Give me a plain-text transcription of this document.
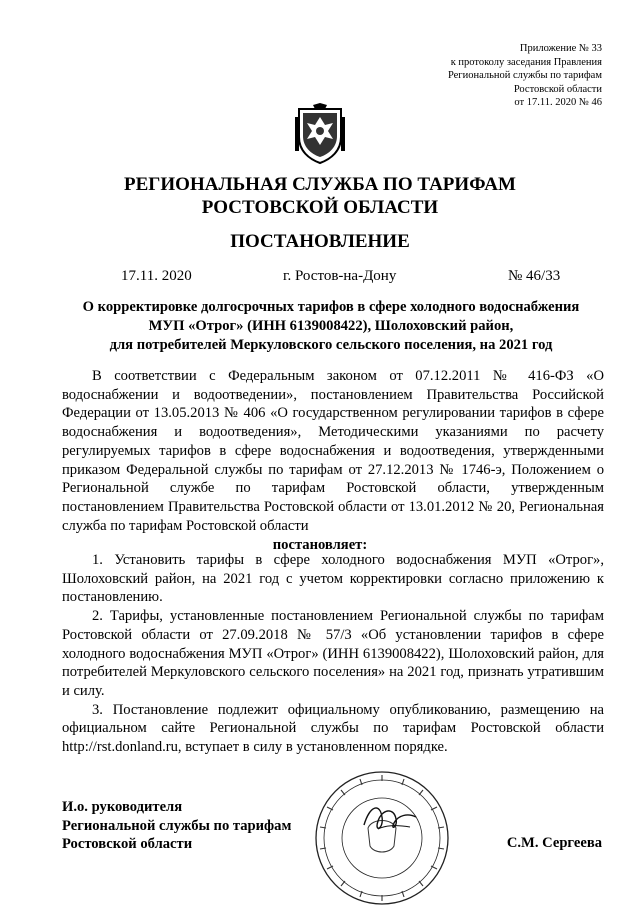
Приложение № 33
к протоколу заседания Правления
Региональной службы по тарифам
Ростовской области
от 17.11. 2020 № 46
РЕГИОНАЛЬНАЯ СЛУЖБА ПО ТАРИФАМ
РОСТОВСКОЙ ОБЛАСТИ
ПОСТАНОВЛЕНИЕ
17.11. 2020	г. Ростов-на-Дону	№ 46/33
О корректировке долгосрочных тарифов в сфере холодного водоснабжения
МУП «Отрог» (ИНН 6139008422), Шолоховский район,
для потребителей Меркуловского сельского поселения, на 2021 год
В соответствии с Федеральным законом от 07.12.2011 № 416-ФЗ «О водоснабжении и водоотведении», постановлением Правительства Российской Федерации от 13.05.2013 № 406 «О государственном регулировании тарифов в сфере водоснабжения и водоотведения», Методическими указаниями по расчету регулируемых тарифов в сфере водоснабжения и водоотведения, утвержденными приказом Федеральной службы по тарифам от 27.12.2013 № 1746-э, Положением о Региональной службе по тарифам Ростовской области, утвержденным постановлением Правительства Ростовской области от 13.01.2012 № 20, Региональная служба по тарифам Ростовской области
постановляет:

1. Установить тарифы в сфере холодного водоснабжения МУП «Отрог», Шолоховский район, на 2021 год с учетом корректировки согласно приложению к постановлению.

2. Тарифы, установленные постановлением Региональной службы по тарифам Ростовской области от 27.09.2018 № 57/3 «Об установлении тарифов в сфере холодного водоснабжения МУП «Отрог» (ИНН 6139008422), Шолоховский район, для потребителей Меркуловского сельского поселения» на 2021 год, признать утратившим и силу.

3. Постановление подлежит официальному опубликованию, размещению на официальном сайте Региональной службы по тарифам Ростовской области http://rst.donland.ru, вступает в силу в установленном порядке.

И.о. руководителя
Региональной службы по тарифам
Ростовской области	С.М. Сергеева
